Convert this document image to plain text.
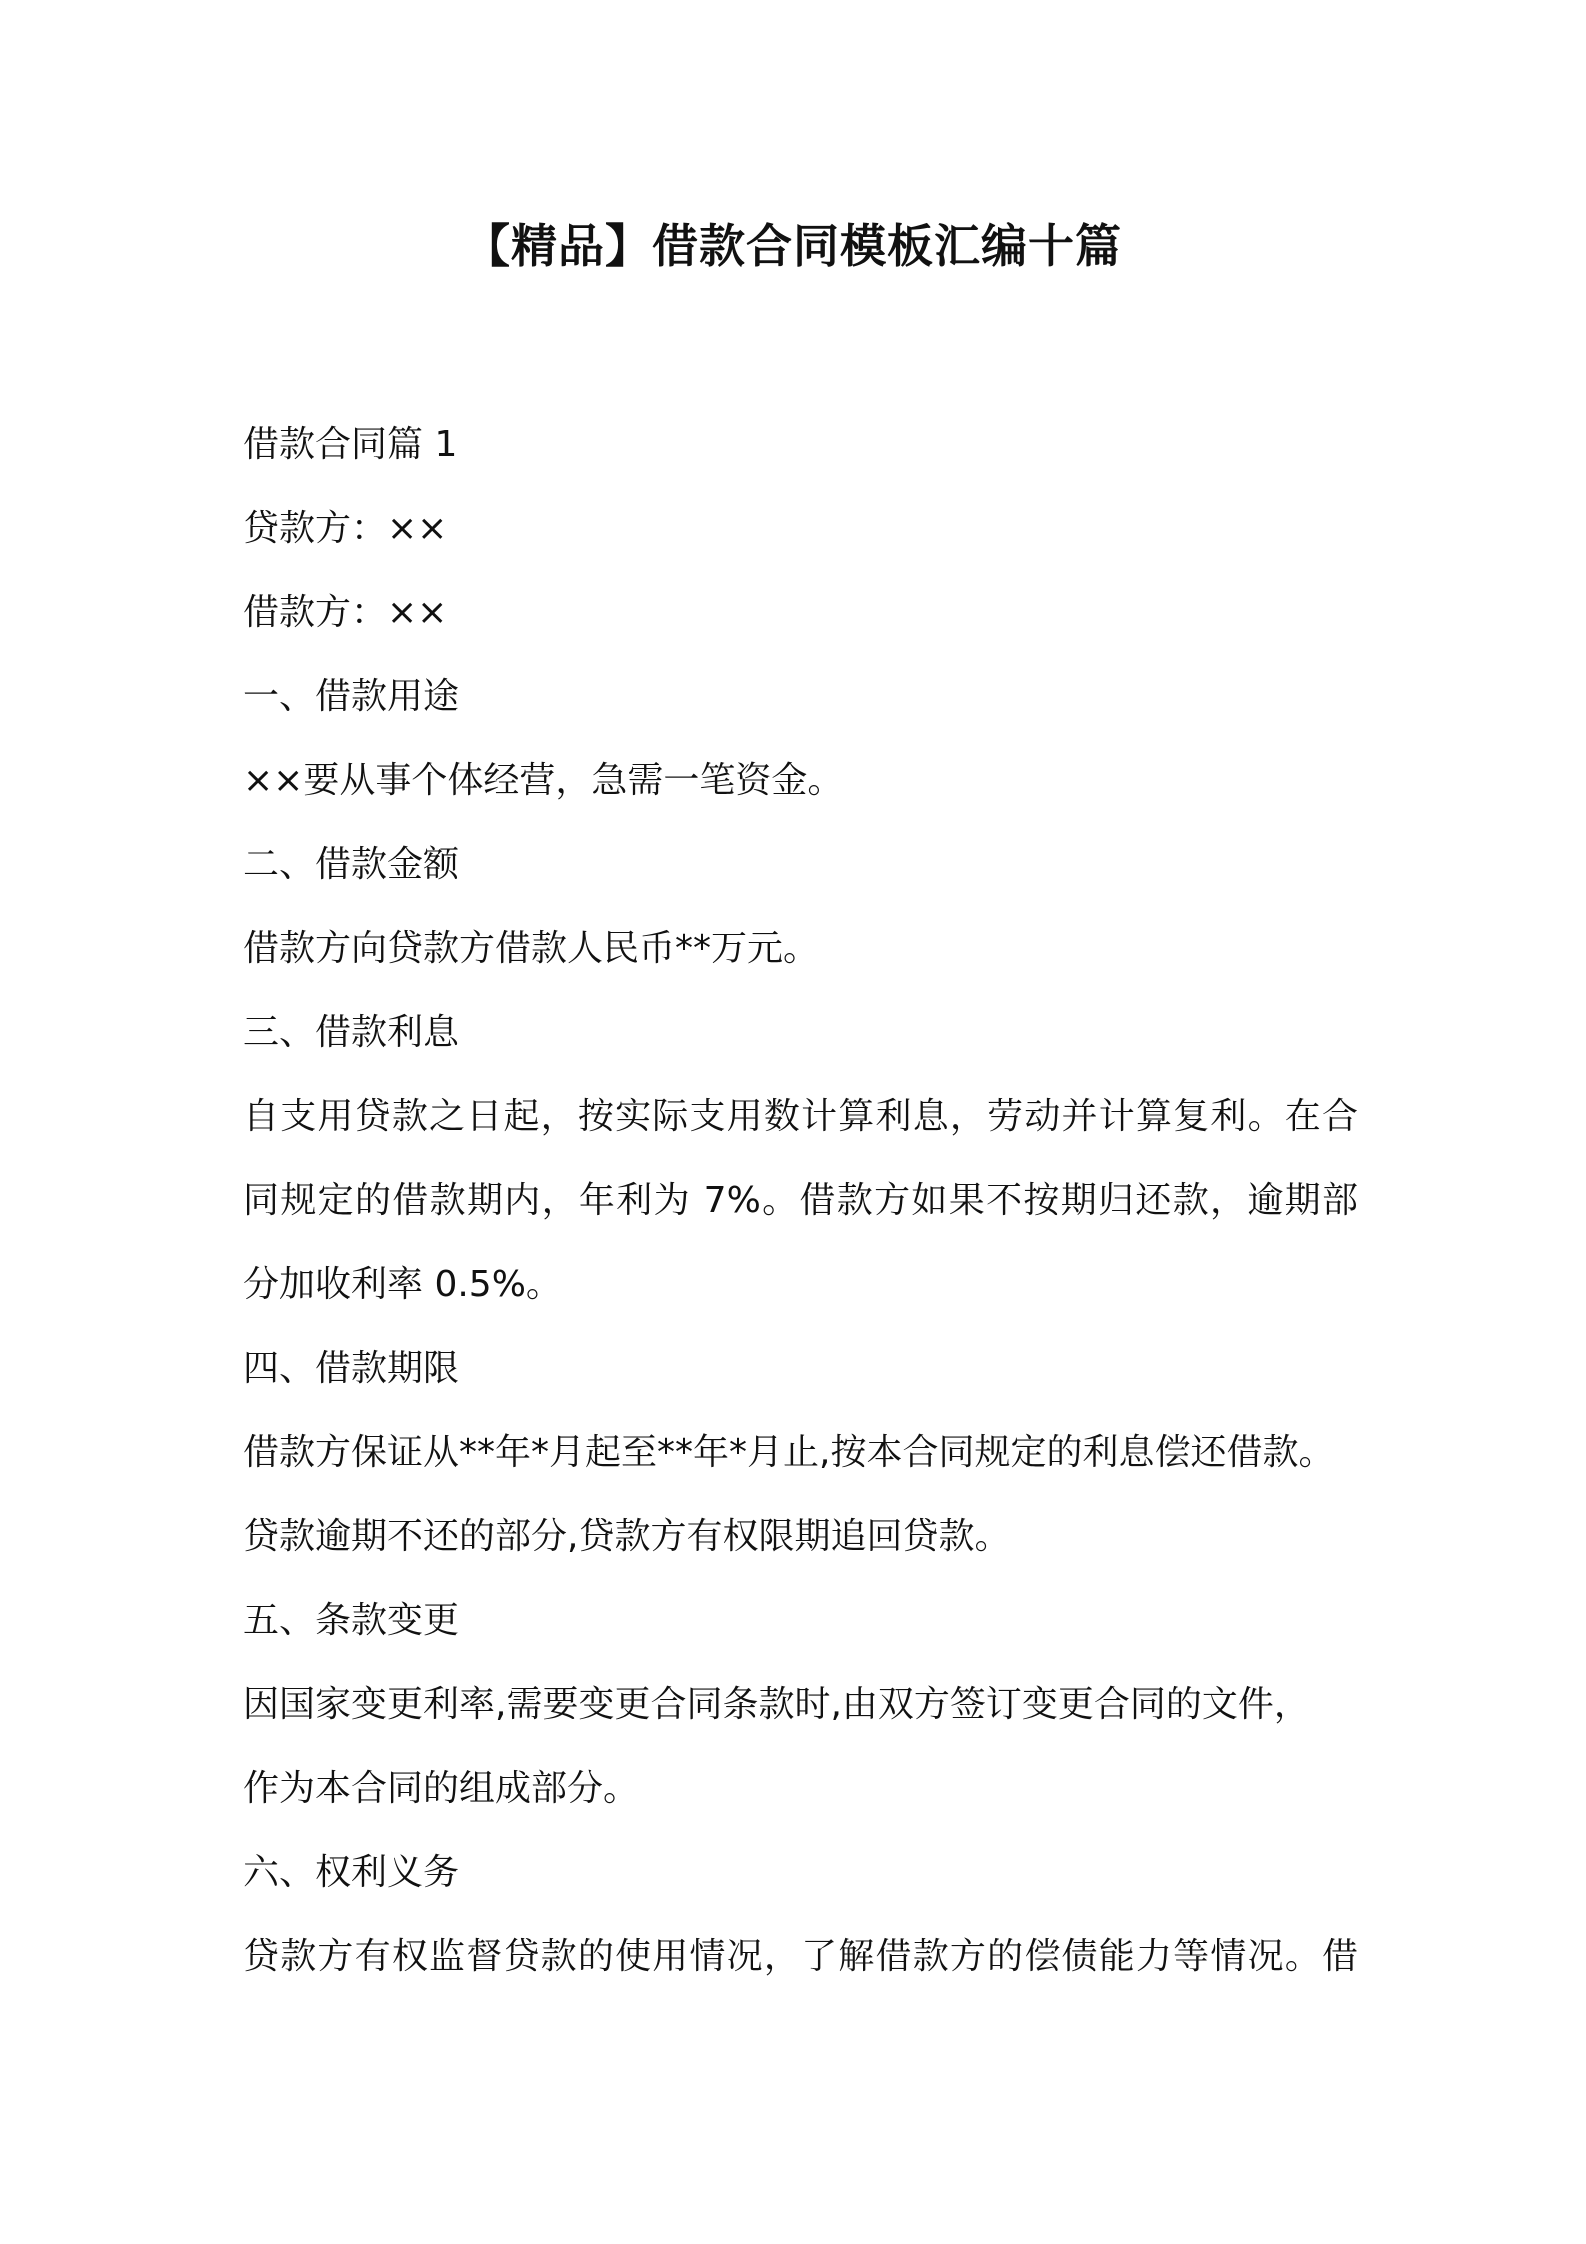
【精品】借款合同模板汇编十篇
借款合同篇 1
贷款方：××
借款方：××
一、借款用途
××要从事个体经营，急需一笔资金。
二、借款金额
借款方向贷款方借款人民币**万元。
三、借款利息
自支用贷款之日起，按实际支用数计算利息，劳动并计算复利。在合
同规定的借款期内，年利为 7%。借款方如果不按期归还款，逾期部
分加收利率 0.5%。
四、借款期限
借款方保证从**年*月起至**年*月止,按本合同规定的利息偿还借款。
贷款逾期不还的部分,贷款方有权限期追回贷款。
五、条款变更
因国家变更利率,需要变更合同条款时,由双方签订变更合同的文件，
作为本合同的组成部分。
六、权利义务
贷款方有权监督贷款的使用情况，了解借款方的偿债能力等情况。借
